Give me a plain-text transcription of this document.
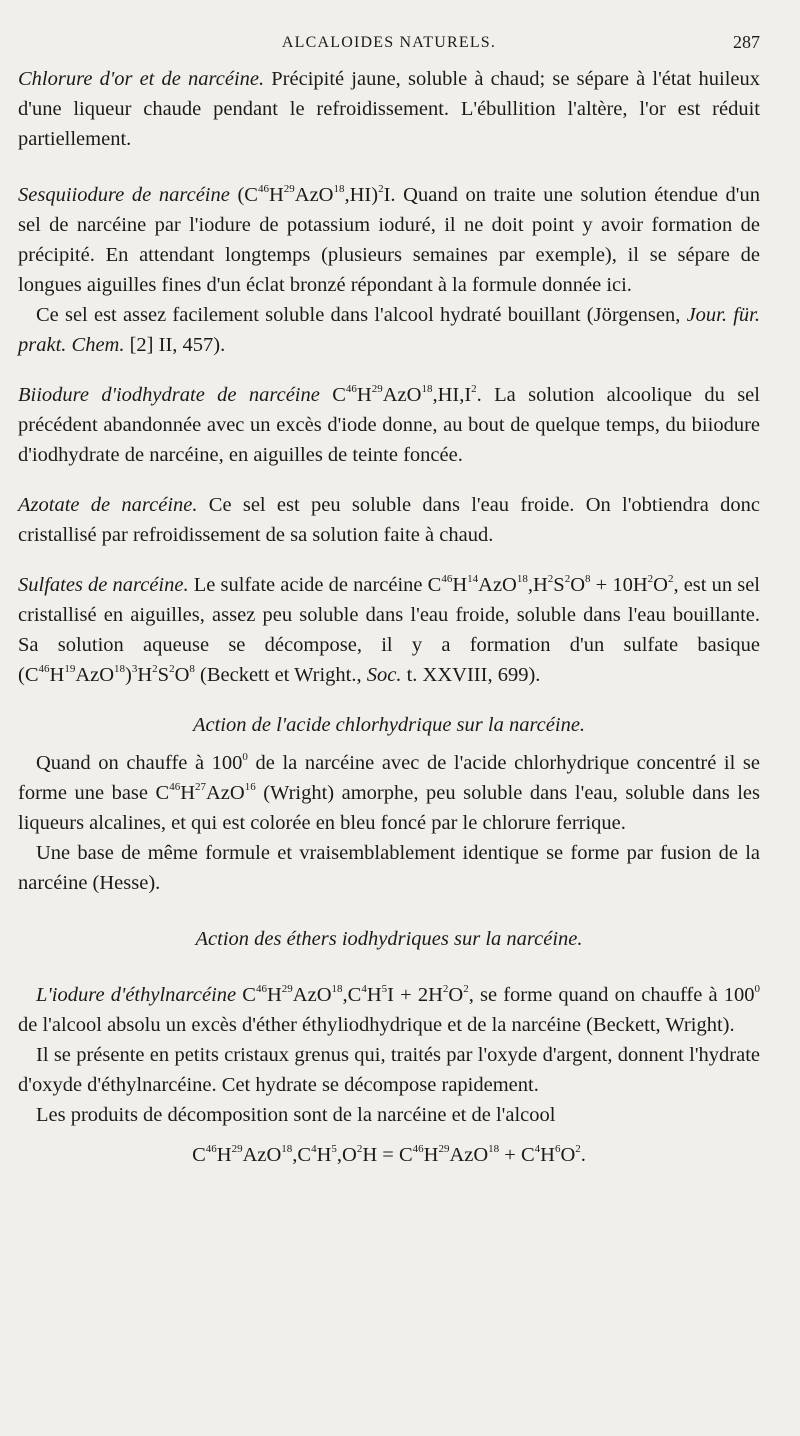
ALCALOIDES NATURELS.	287

Chlorure d'or et de narcéine. Précipité jaune, soluble à chaud; se sépare à l'état huileux d'une liqueur chaude pendant le refroidissement. L'ébullition l'altère, l'or est réduit partiellement.

Sesquiiodure de narcéine $(C^{46}H^{29}AzO^{18},HI)^2I$. Quand on traite une solution étendue d'un sel de narcéine par l'iodure de potassium ioduré, il ne doit point y avoir formation de précipité. En attendant longtemps (plusieurs semaines par exemple), il se sépare de longues aiguilles fines d'un éclat bronzé répondant à la formule donnée ici.

Ce sel est assez facilement soluble dans l'alcool hydraté bouillant (Jörgensen, Jour. für. prakt. Chem. [2] II, 457).

Biiodure d'iodhydrate de narcéine $C^{46}H^{29}AzO^{18},HI,I^2$. La solution alcoolique du sel précédent abandonnée avec un excès d'iode donne, au bout de quelque temps, du biiodure d'iodhydrate de narcéine, en aiguilles de teinte foncée.

Azotate de narcéine. Ce sel est peu soluble dans l'eau froide. On l'obtiendra donc cristallisé par refroidissement de sa solution faite à chaud.

Sulfates de narcéine. Le sulfate acide de narcéine $C^{46}H^{14}AzO^{18},H^2S^2O^8 + 10H^2O^2$, est un sel cristallisé en aiguilles, assez peu soluble dans l'eau froide, soluble dans l'eau bouillante. Sa solution aqueuse se décompose, il y a formation d'un sulfate basique $(C^{46}H^{19}AzO^{18})^3H^2S^2O^8$ (Beckett et Wright., Soc. t. XXVIII, 699).

Action de l'acide chlorhydrique sur la narcéine.

Quand on chauffe à $100^0$ de la narcéine avec de l'acide chlorhydrique concentré il se forme une base $C^{46}H^{27}AzO^{16}$ (Wright) amorphe, peu soluble dans l'eau, soluble dans les liqueurs alcalines, et qui est colorée en bleu foncé par le chlorure ferrique.

Une base de même formule et vraisemblablement identique se forme par fusion de la narcéine (Hesse).

Action des éthers iodhydriques sur la narcéine.

L'iodure d'éthylnarcéine $C^{46}H^{29}AzO^{18},C^4H^5I + 2H^2O^2$, se forme quand on chauffe à $100^0$ de l'alcool absolu un excès d'éther éthyliodhydrique et de la narcéine (Beckett, Wright).

Il se présente en petits cristaux grenus qui, traités par l'oxyde d'argent, donnent l'hydrate d'oxyde d'éthylnarcéine. Cet hydrate se décompose rapidement.

Les produits de décomposition sont de la narcéine et de l'alcool

$C^{46}H^{29}AzO^{18},C^4H^5,O^2H = C^{46}H^{29}AzO^{18} + C^4H^6O^2$.
